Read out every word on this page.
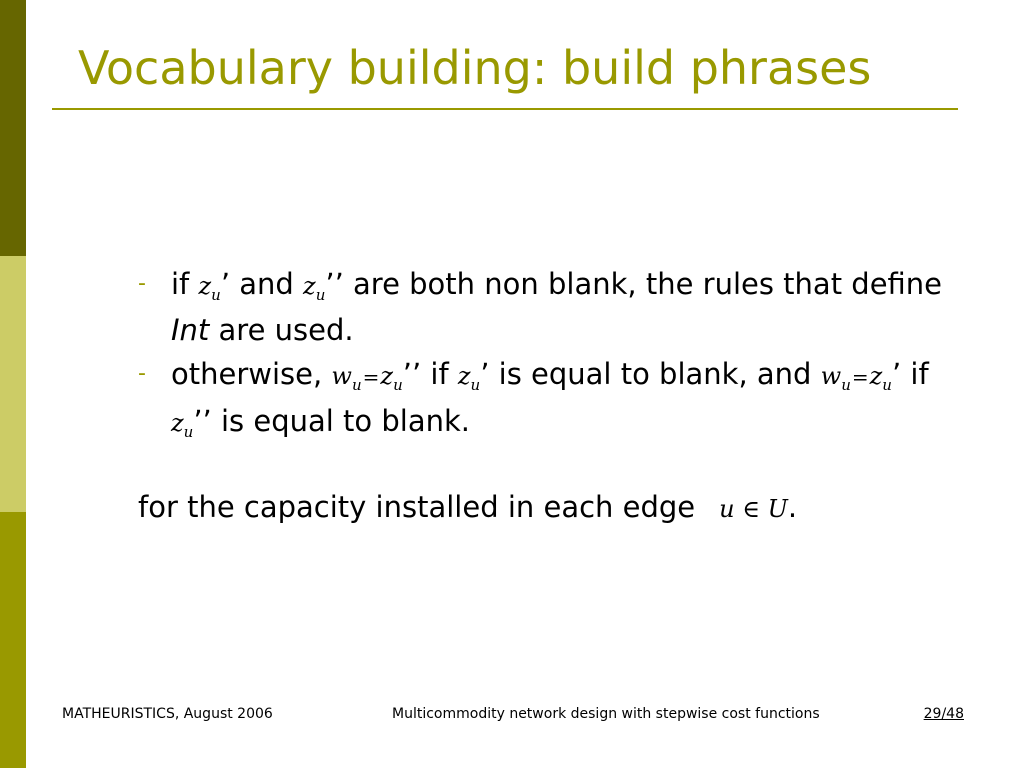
Vocabulary building: build phrases

- if $z_u$’ and $z_u$’’ are both non blank, the rules that define Int are used.

- otherwise, $w_u=z_u$’’ if $z_u$’ is equal to blank, and $w_u=z_u$’ if $z_u$’’ is equal to blank.

for the capacity installed in each edge u ∈ U.

MATHEURISTICS, August 2006	Multicommodity network design with stepwise cost functions	29/48
